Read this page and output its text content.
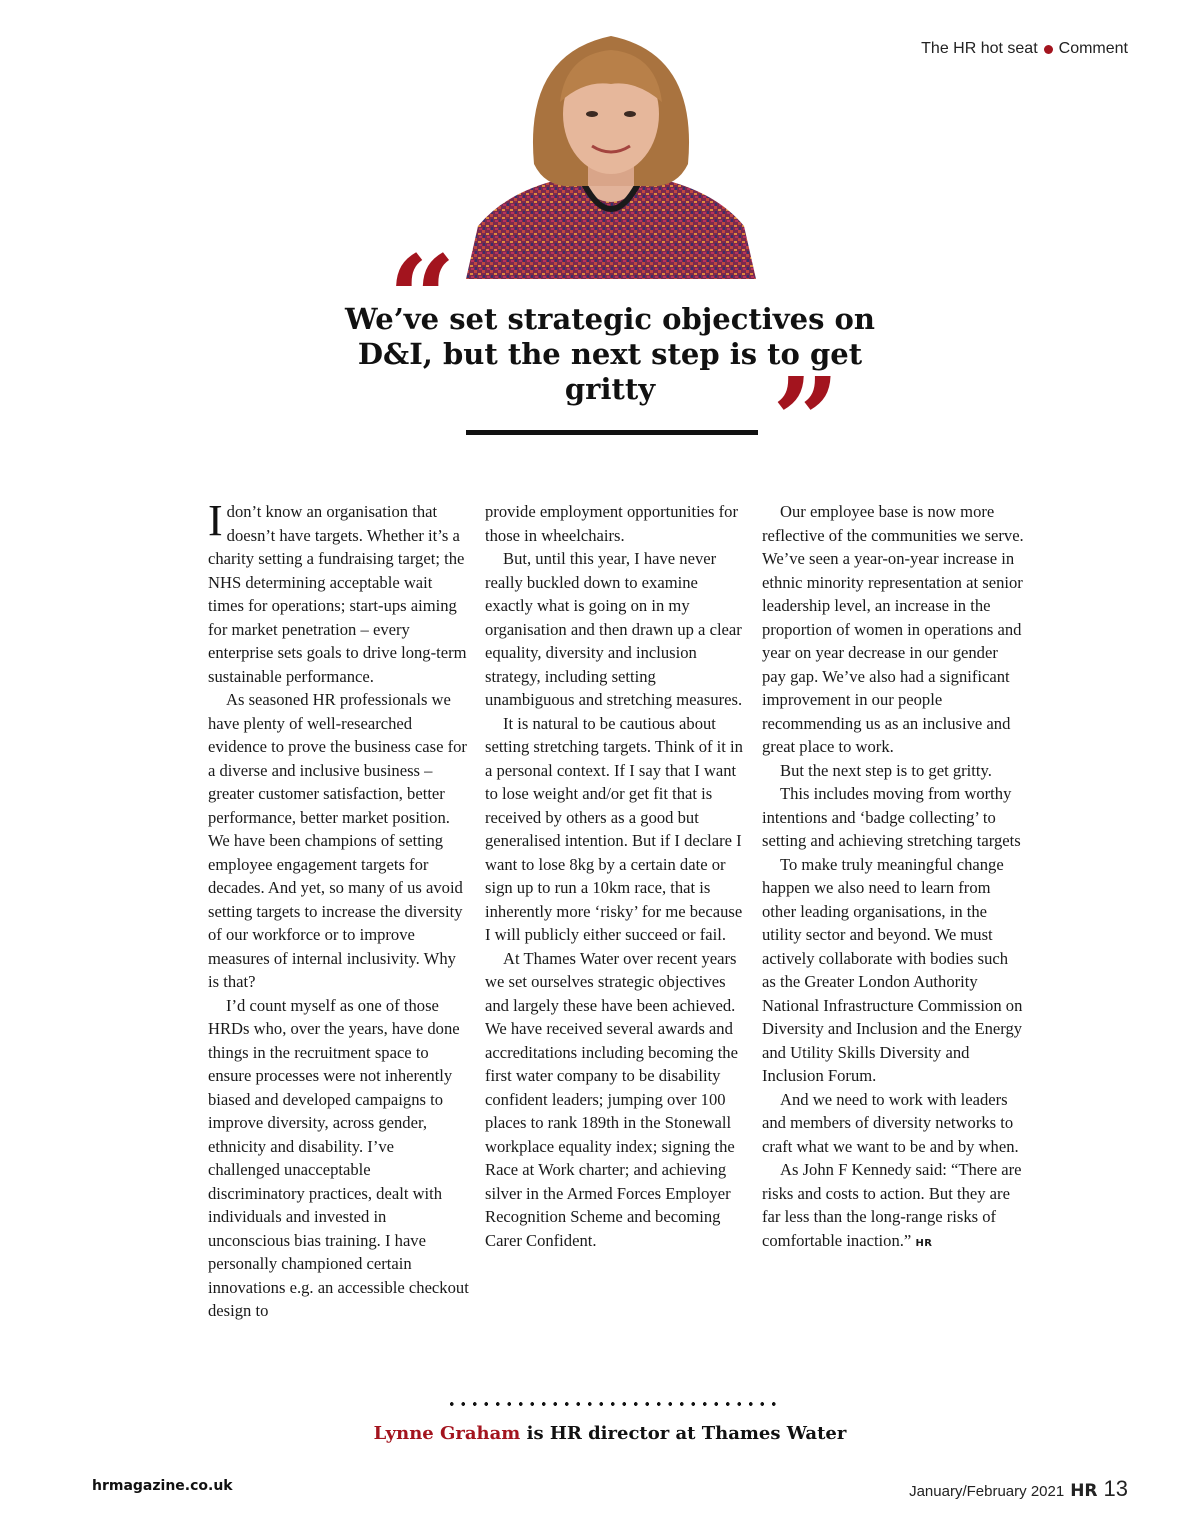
The HR hot seat Comment
“
We’ve set strategic objectives on D&I, but the next step is to get gritty ”

Idon’t know an organisation that doesn’t have targets. Whether it’s a charity setting a fundraising target; the NHS determining acceptable wait times for operations; start-ups aiming for market penetration – every enterprise sets goals to drive long-term sustainable performance.

As seasoned HR professionals we have plenty of well-researched evidence to prove the business case for a diverse and inclusive business – greater customer satisfaction, better performance, better market position. We have been champions of setting employee engagement targets for decades. And yet, so many of us avoid setting targets to increase the diversity of our workforce or to improve measures of internal inclusivity. Why is that?

I’d count myself as one of those HRDs who, over the years, have done things in the recruitment space to ensure processes were not inherently biased and developed campaigns to improve diversity, across gender, ethnicity and disability. I’ve challenged unacceptable discriminatory practices, dealt with individuals and invested in unconscious bias training. I have personally championed certain innovations e.g. an accessible checkout design to

provide employment opportunities for those in wheelchairs.

But, until this year, I have never really buckled down to examine exactly what is going on in my organisation and then drawn up a clear equality, diversity and inclusion strategy, including setting unambiguous and stretching measures.

It is natural to be cautious about setting stretching targets. Think of it in a personal context. If I say that I want to lose weight and/or get fit that is received by others as a good but generalised intention. But if I declare I want to lose 8kg by a certain date or sign up to run a 10km race, that is inherently more ‘risky’ for me because I will publicly either succeed or fail.

At Thames Water over recent years we set ourselves strategic objectives and largely these have been achieved. We have received several awards and accreditations including becoming the first water company to be disability confident leaders; jumping over 100 places to rank 189th in the Stonewall workplace equality index; signing the Race at Work charter; and achieving silver in the Armed Forces Employer Recognition Scheme and becoming Carer Confident.

Our employee base is now more reflective of the communities we serve. We’ve seen a year-on-year increase in ethnic minority representation at senior leadership level, an increase in the proportion of women in operations and year on year decrease in our gender pay gap. We’ve also had a significant improvement in our people recommending us as an inclusive and great place to work.

But the next step is to get gritty.

This includes moving from worthy intentions and ‘badge collecting’ to setting and achieving stretching targets

To make truly meaningful change happen we also need to learn from other leading organisations, in the utility sector and beyond. We must actively collaborate with bodies such as the Greater London Authority National Infrastructure Commission on Diversity and Inclusion and the Energy and Utility Skills Diversity and Inclusion Forum.

And we need to work with leaders and members of diversity networks to craft what we want to be and by when.

As John F Kennedy said: “There are risks and costs to action. But they are far less than the long-range risks of comfortable inaction.” HR

Lynne Graham is HR director at Thames Water
hrmagazine.co.uk	January/February 2021 HR 13
